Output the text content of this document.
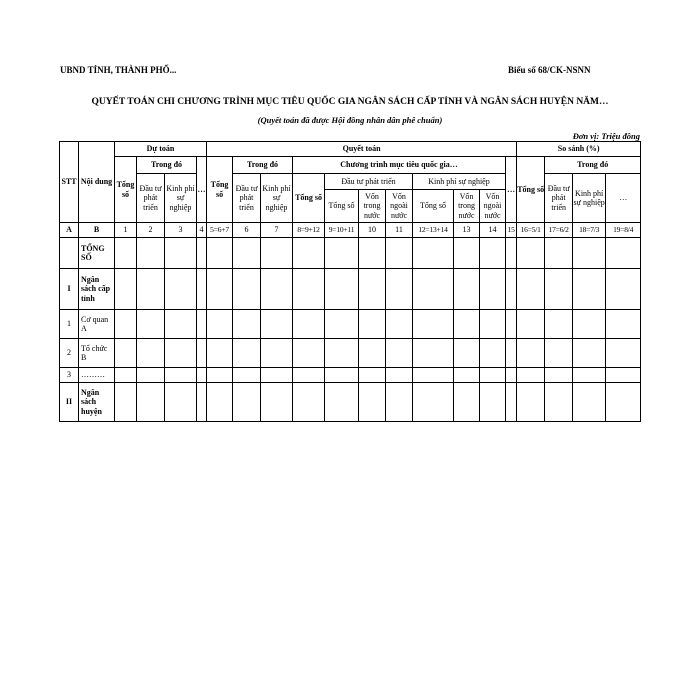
UBND TỈNH, THÀNH PHỐ...	Biểu số 68/CK-NSNN
QUYẾT TOÁN CHI CHƯƠNG TRÌNH MỤC TIÊU QUỐC GIA NGÂN SÁCH CẤP TỈNH VÀ NGÂN SÁCH HUYỆN NĂM…
(Quyết toán đã được Hội đồng nhân dân phê chuẩn)
Đơn vị: Triệu đồng
STT	Nội dung	Dự toán				Quyết toán											So sánh (%)			
		Tổng số	Trong đó		…	Tổng số	Trong đó		Chương trình mục tiêu quốc gia…							…	Tổng số	Trong đó		
			Đầu tư phát triển	Kinh phí sự nghiệp			Đầu tư phát triển	Kinh phí sự nghiệp	Tổng số	Đầu tư phát triển			Kinh phí sự nghiệp					Đầu tư phát triển	Kinh phí sự nghiệp	…
										Tổng số	Vốn trong nước	Vốn ngoài nước	Tổng số	Vốn trong nước	Vốn ngoài nước					
A	B	1	2	3	4	5=6+7	6	7	8=9+12	9=10+11	10	11	12=13+14	13	14	15	16=5/1	17=6/2	18=7/3	19=8/4
	TỔNG SỐ																			
I	Ngân sách cấp tỉnh																			
1	Cơ quan A																			
2	Tổ chức B																			
3	………																			
II	Ngân sách huyện																			
